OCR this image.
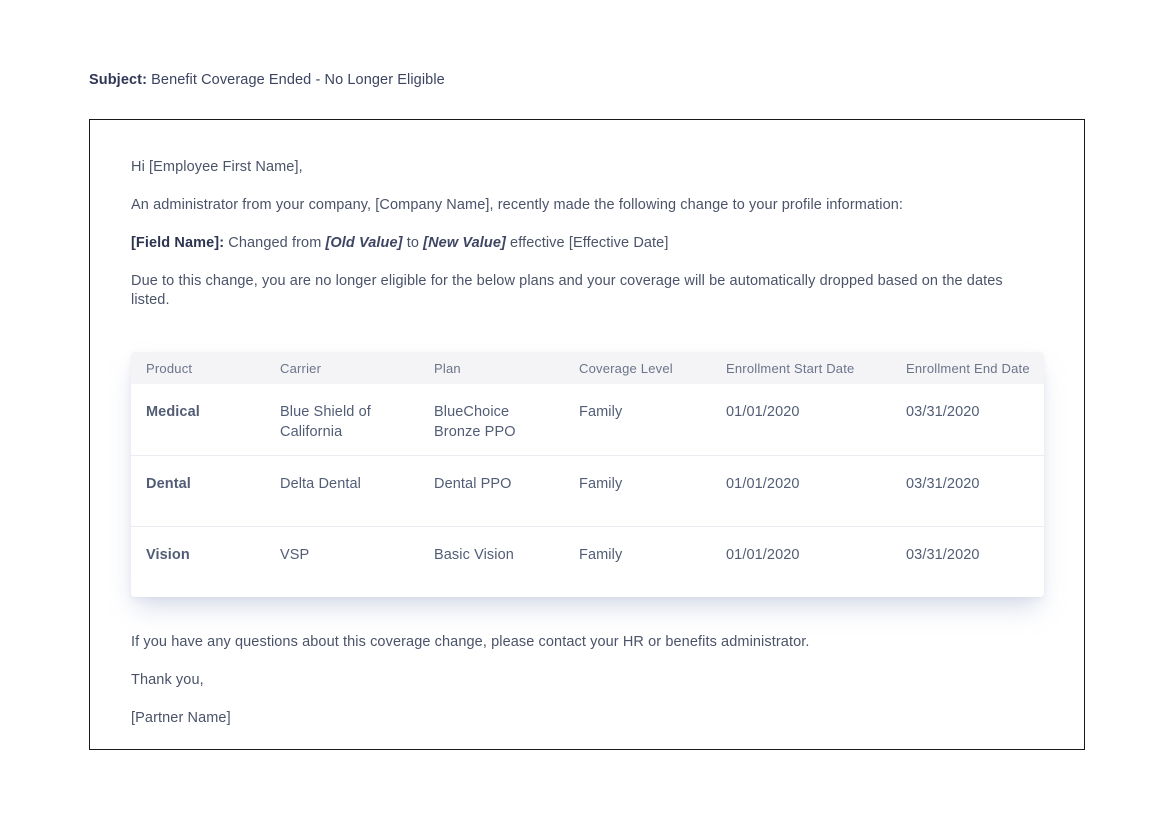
Subject: Benefit Coverage Ended - No Longer Eligible

Hi [Employee First Name],

An administrator from your company, [Company Name], recently made the following change to your profile information:

[Field Name]: Changed from [Old Value] to [New Value] effective [Effective Date]

Due to this change, you are no longer eligible for the below plans and your coverage will be automatically dropped based on the dates listed.

Product	Carrier	Plan	Coverage Level	Enrollment Start Date	Enrollment End Date
Medical	Blue Shield of California	BlueChoice Bronze PPO	Family	01/01/2020	03/31/2020
Dental	Delta Dental	Dental PPO	Family	01/01/2020	03/31/2020
Vision	VSP	Basic Vision	Family	01/01/2020	03/31/2020

If you have any questions about this coverage change, please contact your HR or benefits administrator.

Thank you,

[Partner Name]
